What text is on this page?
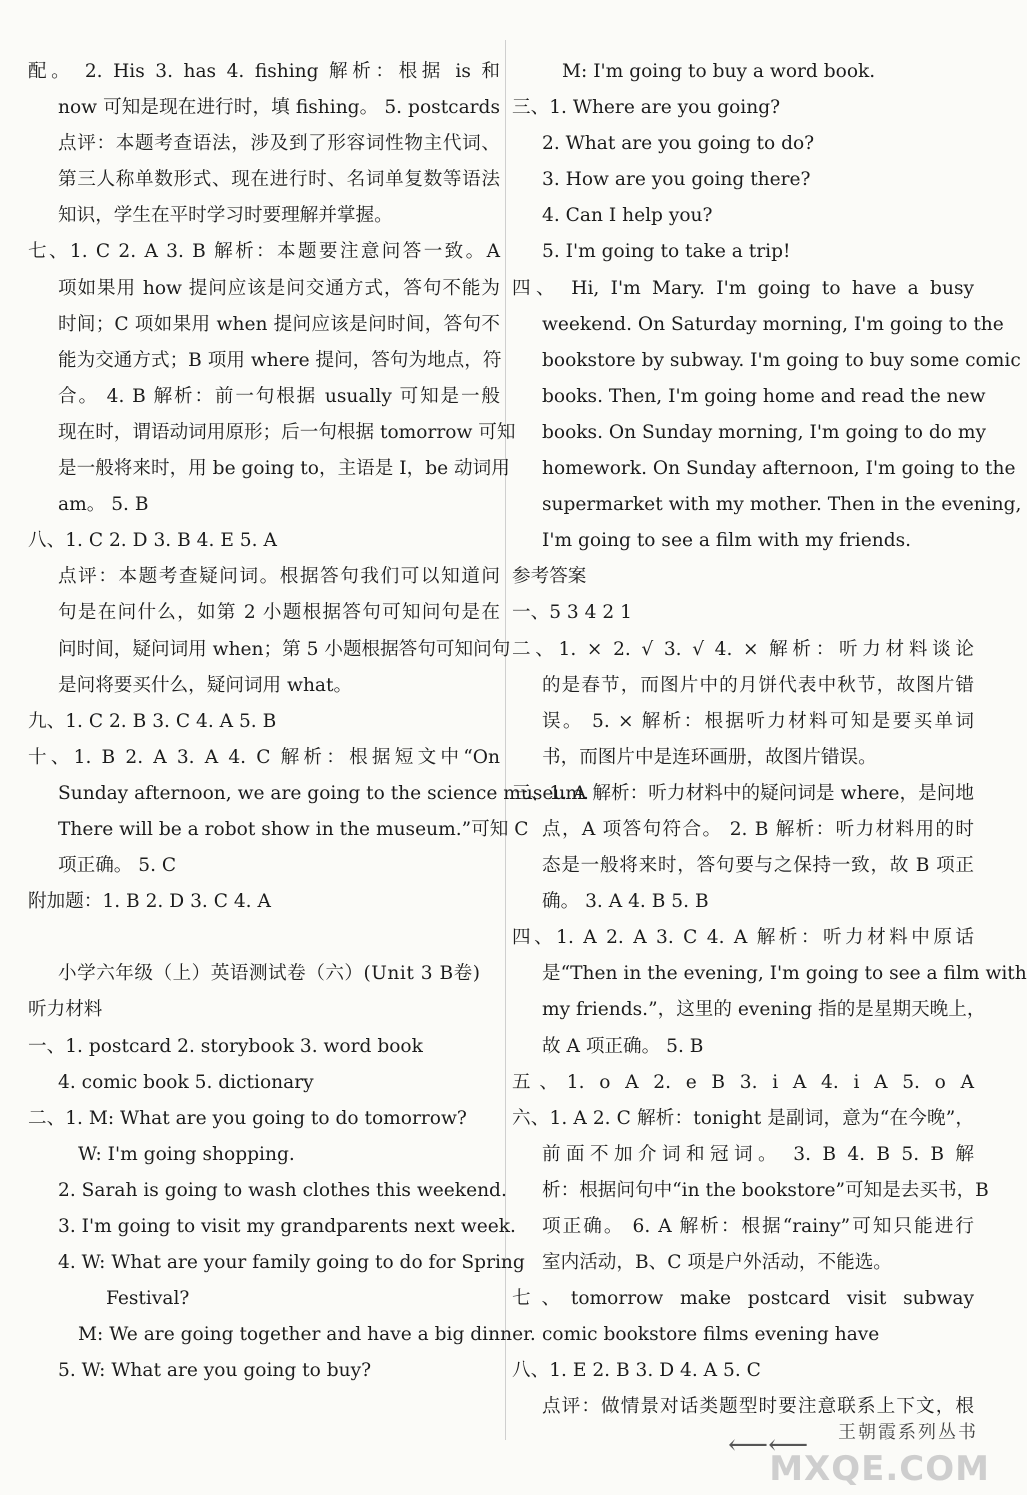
配。 2. His 3. has 4. fishing 解析：根据 is 和
now 可知是现在进行时，填 fishing。 5. postcards
点评：本题考查语法，涉及到了形容词性物主代词、
第三人称单数形式、现在进行时、名词单复数等语法
知识，学生在平时学习时要理解并掌握。
七、1. C 2. A 3. B 解析：本题要注意问答一致。A
项如果用 how 提问应该是问交通方式，答句不能为
时间；C 项如果用 when 提问应该是问时间，答句不
能为交通方式；B 项用 where 提问，答句为地点，符
合。 4. B 解析：前一句根据 usually 可知是一般
现在时，谓语动词用原形；后一句根据 tomorrow 可知
是一般将来时，用 be going to，主语是 I，be 动词用
am。 5. B
八、1. C 2. D 3. B 4. E 5. A
点评：本题考查疑问词。根据答句我们可以知道问
句是在问什么，如第 2 小题根据答句可知问句是在
问时间，疑问词用 when；第 5 小题根据答句可知问句
是问将要买什么，疑问词用 what。
九、1. C 2. B 3. C 4. A 5. B
十、1. B 2. A 3. A 4. C 解析：根据短文中“On
Sunday afternoon, we are going to the science museum.
There will be a robot show in the museum.”可知 C
项正确。 5. C
附加题：1. B 2. D 3. C 4. A
小学六年级（上）英语测试卷（六）(Unit 3 B卷)
听力材料
一、1. postcard 2. storybook 3. word book
4. comic book 5. dictionary
二、1. M: What are you going to do tomorrow?
W: I'm going shopping.
2. Sarah is going to wash clothes this weekend.
3. I'm going to visit my grandparents next week.
4. W: What are your family going to do for Spring
Festival?
M: We are going together and have a big dinner.
5. W: What are you going to buy?
M: I'm going to buy a word book.
三、1. Where are you going?
2. What are you going to do?
3. How are you going there?
4. Can I help you?
5. I'm going to take a trip!
四、 Hi, I'm Mary. I'm going to have a busy
weekend. On Saturday morning, I'm going to the
bookstore by subway. I'm going to buy some comic
books. Then, I'm going home and read the new
books. On Sunday morning, I'm going to do my
homework. On Sunday afternoon, I'm going to the
supermarket with my mother. Then in the evening,
I'm going to see a film with my friends.
参考答案
一、5 3 4 2 1
二、1. × 2. √ 3. √ 4. × 解析：听力材料谈论
的是春节，而图片中的月饼代表中秋节，故图片错
误。 5. × 解析：根据听力材料可知是要买单词
书，而图片中是连环画册，故图片错误。
三、1. A 解析：听力材料中的疑问词是 where，是问地
点，A 项答句符合。 2. B 解析：听力材料用的时
态是一般将来时，答句要与之保持一致，故 B 项正
确。 3. A 4. B 5. B
四、1. A 2. A 3. C 4. A 解析：听力材料中原话
是“Then in the evening, I'm going to see a film with
my friends.”，这里的 evening 指的是星期天晚上，
故 A 项正确。 5. B
五、1. o A 2. e B 3. i A 4. i A 5. o A
六、1. A 2. C 解析：tonight 是副词，意为“在今晚”，
前面不加介词和冠词。 3. B 4. B 5. B 解
析：根据问句中“in the bookstore”可知是去买书，B
项正确。 6. A 解析：根据“rainy”可知只能进行
室内活动，B、C 项是户外活动，不能选。
七、tomorrow make postcard visit subway
comic bookstore films evening have
八、1. E 2. B 3. D 4. A 5. C
点评：做情景对话类题型时要注意联系上下文，根
⟵⟵ 王朝霞系列丛书
MXQE.COM
